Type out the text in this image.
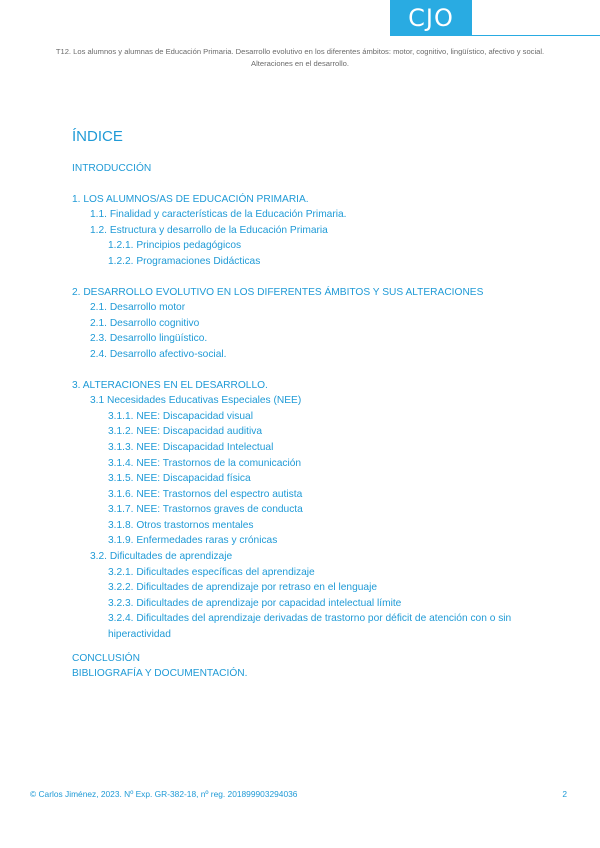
CJO
T12. Los alumnos y alumnas de Educación Primaria. Desarrollo evolutivo en los diferentes ámbitos: motor, cognitivo, lingüístico, afectivo y social.
Alteraciones en el desarrollo.
ÍNDICE
INTRODUCCIÓN
1. LOS ALUMNOS/AS DE EDUCACIÓN PRIMARIA.
1.1. Finalidad y características de la Educación Primaria.
1.2. Estructura y desarrollo de la Educación Primaria
1.2.1. Principios pedagógicos
1.2.2. Programaciones Didácticas
2. DESARROLLO EVOLUTIVO EN LOS DIFERENTES ÁMBITOS Y SUS ALTERACIONES
2.1. Desarrollo motor
2.1. Desarrollo cognitivo
2.3. Desarrollo lingüístico.
2.4. Desarrollo afectivo-social.
3. ALTERACIONES EN EL DESARROLLO.
3.1 Necesidades Educativas Especiales (NEE)
3.1.1. NEE: Discapacidad visual
3.1.2. NEE: Discapacidad auditiva
3.1.3. NEE: Discapacidad Intelectual
3.1.4. NEE: Trastornos de la comunicación
3.1.5. NEE: Discapacidad física
3.1.6. NEE: Trastornos del espectro autista
3.1.7. NEE: Trastornos graves de conducta
3.1.8. Otros trastornos mentales
3.1.9. Enfermedades raras y crónicas
3.2. Dificultades de aprendizaje
3.2.1. Dificultades específicas del aprendizaje
3.2.2. Dificultades de aprendizaje por retraso en el lenguaje
3.2.3. Dificultades de aprendizaje por capacidad intelectual límite
3.2.4. Dificultades del aprendizaje derivadas de trastorno por déficit de atención con o sin hiperactividad
CONCLUSIÓN
BIBLIOGRAFÍA Y DOCUMENTACIÓN.
© Carlos Jiménez, 2023. Nº Exp. GR-382-18, nº reg. 201899903294036	2
